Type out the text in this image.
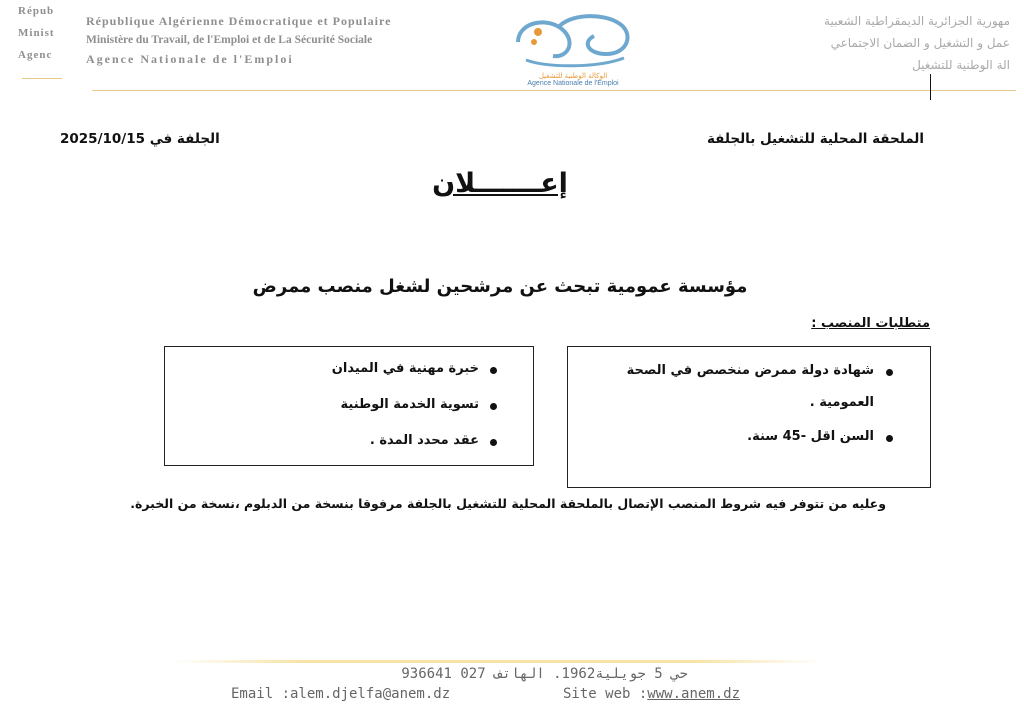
Répub
Minist
Agenc
République Algérienne Démocratique et Populaire
Ministère du Travail, de l'Emploi et de La Sécurité Sociale
Agence Nationale de l'Emploi
الوكالة الوطنية للتشغيل
Agence Nationale de l'Emploi
مهورية الجزائرية الديمقراطية الشعبية
عمل و التشغيل و الضمان الاجتماعي
الة الوطنية للتشغيل
الملحقة المحلية للتشغيل بالجلفة
الجلفة في 2025/10/15
إعـــــــلان
مؤسسة عمومية تبحث عن مرشحين لشغل منصب ممرض
متطلبات المنصب :
شهادة دولة ممرض منخصص في الصحة
العمومية .
السن اقل -45 سنة.
خبرة مهنية في الميدان
تسوية الخدمة الوطنية
عقد محدد المدة .
وعليه من تتوفر فيه شروط المنصب الإتصال بالملحقة المحلية للتشغيل بالجلفة مرفوقا بنسخة من الدبلوم ،نسخة من الخبرة.
حي 5 جويلية1962. الهاتف 027 936641
Email :alem.djelfa@anem.dz	Site web :www.anem.dz
